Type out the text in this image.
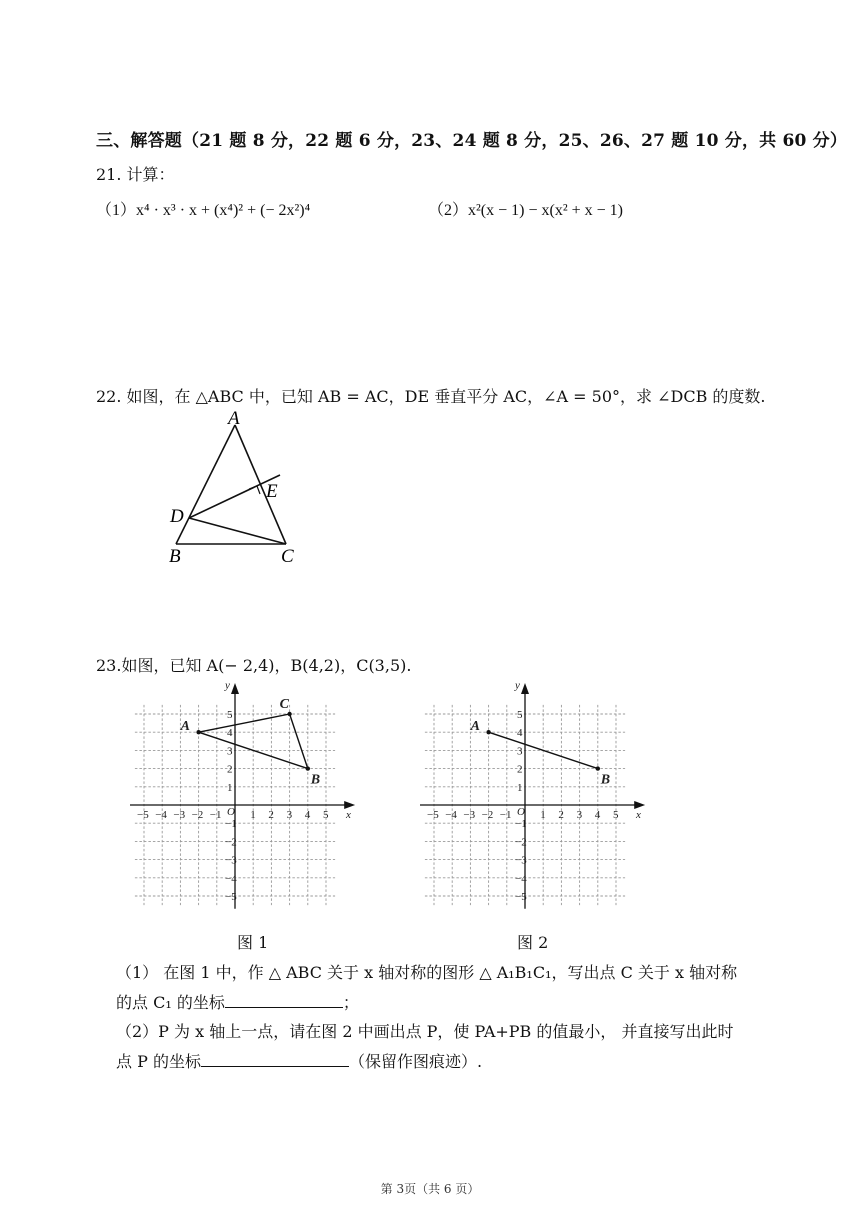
三、解答题（21 题 8 分，22 题 6 分，23、24 题 8 分，25、26、27 题 10 分，共 60 分）
21. 计算：
（1）x⁴ · x³ · x + (x⁴)² + (− 2x²)⁴	（2）x²(x − 1) − x(x² + x − 1)
22. 如图，在 △ABC 中，已知 AB = AC，DE 垂直平分 AC，∠A = 50°，求 ∠DCB 的度数.
A
B	C
D
E
23.如图，已知 A(− 2,4)，B(4,2)，C(3,5).
x
y
O
−5 −4 −3 −2 −1	1 2 3 4 5
5
4
3
2
1
−1
−2
−3
−4
−5
A
B
C
图 1
x
y
O
−5 −4 −3 −2 −1	1 2 3 4 5
5
4
3
2
1
−1
−2
−3
−4
−5
A
B
图 2
（1） 在图 1 中，作 △ ABC 关于 x 轴对称的图形 △ A₁B₁C₁，写出点 C 关于 x 轴对称
的点 C₁ 的坐标	；
（2）P 为 x 轴上一点，请在图 2 中画出点 P，使 PA+PB 的值最小， 并直接写出此时
点 P 的坐标	（保留作图痕迹）.
第 3页（共 6 页）
